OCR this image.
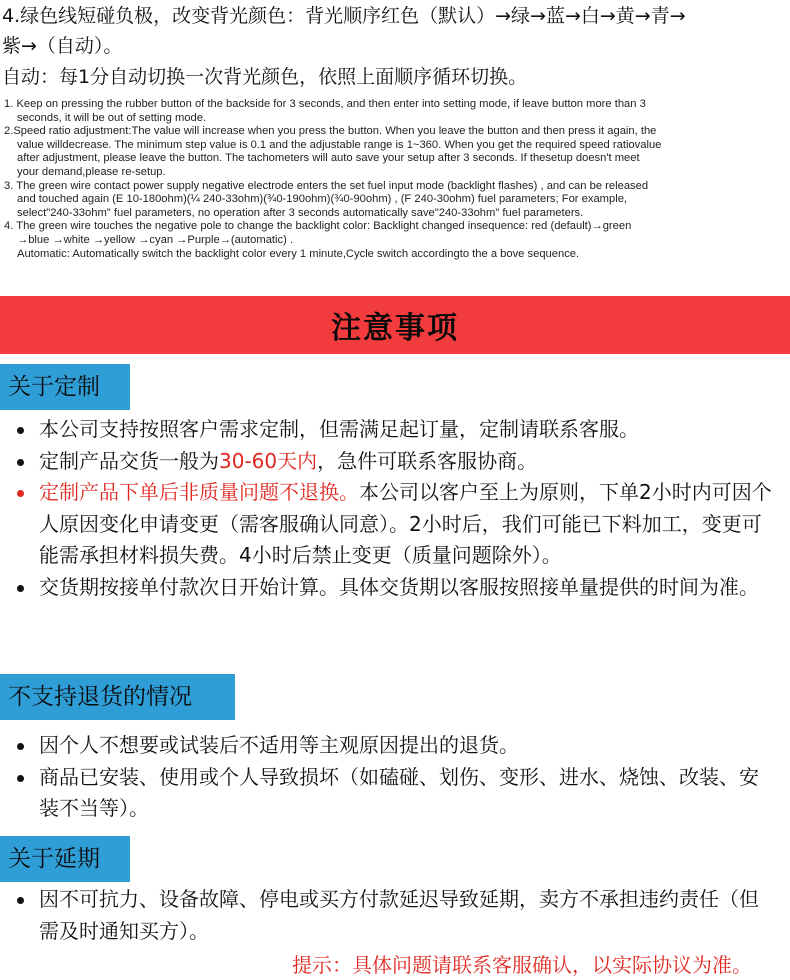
4.绿色线短碰负极，改变背光颜色：背光顺序红色（默认）→绿→蓝→白→黄→青→
紫→（自动）。
自动：每1分自动切换一次背光颜色，依照上面顺序循环切换。

1. Keep on pressing the rubber button of the backside for 3 seconds, and then enter into setting mode, if leave button more than 3

seconds, it will be out of setting mode.

2.Speed ratio adjustment:The value will increase when you press the button. When you leave the button and then press it again, the

value willdecrease. The minimum step value is 0.1 and the adjustable range is 1~360. When you get the required speed ratiovalue

after adjustment, please leave the button. The tachometers will auto save your setup after 3 seconds. If thesetup doesn't meet

your demand,please re-setup.

3. The green wire contact power supply negative electrode enters the set fuel input mode (backlight flashes) , and can be released

and touched again (E 10-180ohm)(¼ 240-33ohm)(¾0-190ohm)(¾0-90ohm) , (F 240-30ohm) fuel parameters; For example,

select"240-33ohm" fuel parameters, no operation after 3 seconds automatically save"240-33ohm" fuel parameters.

4. The green wire touches the negative pole to change the backlight color: Backlight changed insequence: red (default)→green

→blue →white →yellow →cyan →Purple→(automatic) .

Automatic: Automatically switch the backlight color every 1 minute,Cycle switch accordingto the a bove sequence.

注意事项
关于定制
本公司支持按照客户需求定制，但需满足起订量，定制请联系客服。
定制产品交货一般为30-60天内，急件可联系客服协商。
定制产品下单后非质量问题不退换。本公司以客户至上为原则，下单2小时内可因个人原因变化申请变更（需客服确认同意）。2小时后，我们可能已下料加工，变更可能需承担材料损失费。4小时后禁止变更（质量问题除外）。
交货期按接单付款次日开始计算。具体交货期以客服按照接单量提供的时间为准。
不支持退货的情况
因个人不想要或试装后不适用等主观原因提出的退货。
商品已安装、使用或个人导致损坏（如磕碰、划伤、变形、进水、烧蚀、改装、安装不当等）。
关于延期
因不可抗力、设备故障、停电或买方付款延迟导致延期，卖方不承担违约责任（但需及时通知买方）。
提示：具体问题请联系客服确认，以实际协议为准。
